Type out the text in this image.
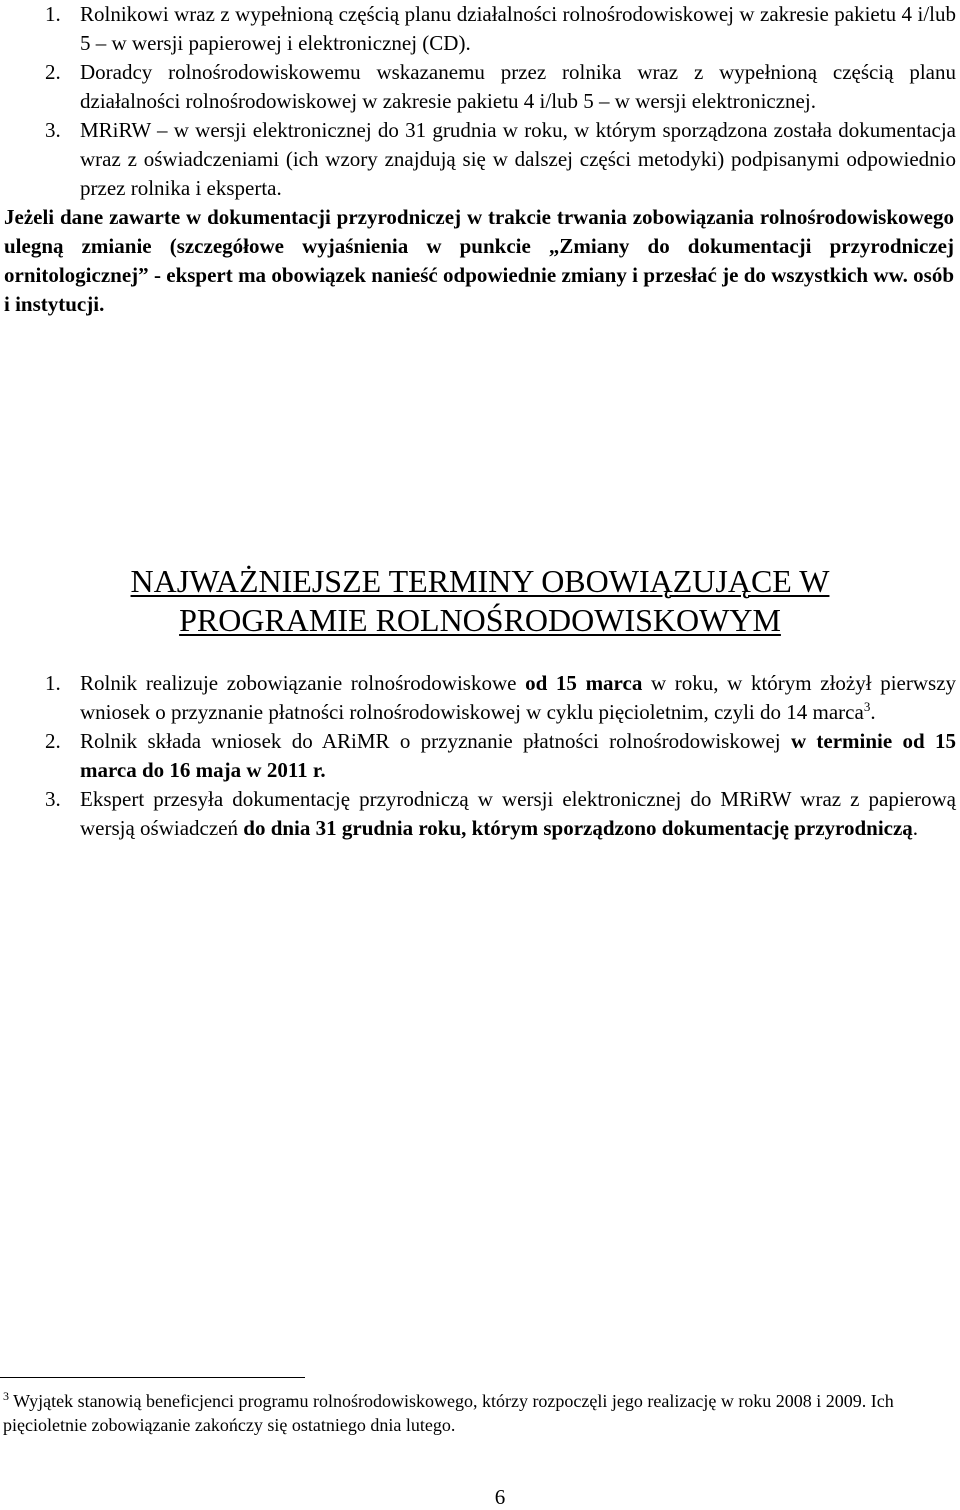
1. Rolnikowi wraz z wypełnioną częścią planu działalności rolnośrodowiskowej w zakresie pakietu 4 i/lub 5 – w wersji papierowej i elektronicznej (CD).
2. Doradcy rolnośrodowiskowemu wskazanemu przez rolnika wraz z wypełnioną częścią planu działalności rolnośrodowiskowej w zakresie pakietu 4 i/lub 5 – w wersji elektronicznej.
3. MRiRW – w wersji elektronicznej do 31 grudnia w roku, w którym sporządzona została dokumentacja wraz z oświadczeniami (ich wzory znajdują się w dalszej części metodyki) podpisanymi odpowiednio przez rolnika i eksperta.

Jeżeli dane zawarte w dokumentacji przyrodniczej w trakcie trwania zobowiązania rolnośrodowiskowego ulegną zmianie (szczegółowe wyjaśnienia w punkcie „Zmiany do dokumentacji przyrodniczej ornitologicznej” - ekspert ma obowiązek nanieść odpowiednie zmiany i przesłać je do wszystkich ww. osób i instytucji.

NAJWAŻNIEJSZE TERMINY OBOWIĄZUJĄCE W
PROGRAMIE ROLNOŚRODOWISKOWYM
1. Rolnik realizuje zobowiązanie rolnośrodowiskowe od 15 marca w roku, w którym złożył pierwszy wniosek o przyznanie płatności rolnośrodowiskowej w cyklu pięcioletnim, czyli do 14 marca$^3$.
2. Rolnik składa wniosek do ARiMR o przyznanie płatności rolnośrodowiskowej w terminie od 15 marca do 16 maja w 2011 r.
3. Ekspert przesyła dokumentację przyrodniczą w wersji elektronicznej do MRiRW wraz z papierową wersją oświadczeń do dnia 31 grudnia roku, którym sporządzono dokumentację przyrodniczą.

$^3$ Wyjątek stanowią beneficjenci programu rolnośrodowiskowego, którzy rozpoczęli jego realizację w roku 2008 i 2009. Ich pięcioletnie zobowiązanie zakończy się ostatniego dnia lutego.

6
